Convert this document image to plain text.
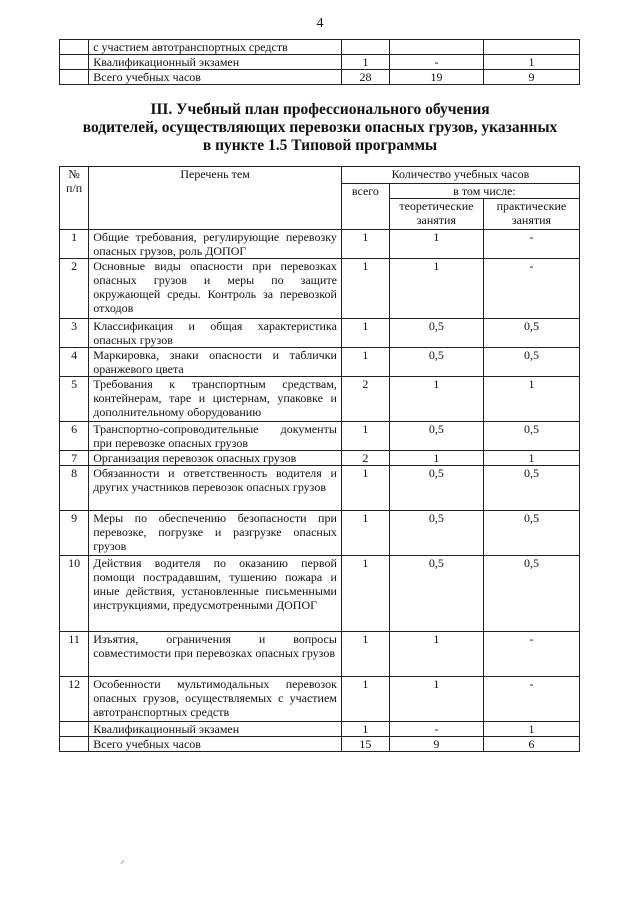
4
	с участием автотранспортных средств			
	Квалификационный экзамен	1	-	1
	Всего учебных часов	28	19	9
III. Учебный план профессионального обучения
водителей, осуществляющих перевозки опасных грузов, указанных
в пункте 1.5 Типовой программы
№
п/п	Перечень тем	Количество учебных часов		
		всего	в том числе:	
			теоретические занятия	практические занятия
1	Общие требования, регулирующие перевозку опасных грузов, роль ДОПОГ	1	1	-
2	Основные виды опасности при перевозках опасных грузов и меры по защите окружающей среды. Контроль за перевозкой отходов	1	1	-
3	Классификация и общая характеристика опасных грузов	1	0,5	0,5
4	Маркировка, знаки опасности и таблички оранжевого цвета	1	0,5	0,5
5	Требования к транспортным средствам, контейнерам, таре и цистернам, упаковке и дополнительному оборудованию	2	1	1
6	Транспортно-сопроводительные документы при перевозке опасных грузов	1	0,5	0,5
7	Организация перевозок опасных грузов	2	1	1
8	Обязанности и ответственность водителя и других участников перевозок опасных грузов	1	0,5	0,5
9	Меры по обеспечению безопасности при перевозке, погрузке и разгрузке опасных грузов	1	0,5	0,5
10	Действия водителя по оказанию первой помощи пострадавшим, тушению пожара и иные действия, установленные письменными инструкциями, предусмотренными ДОПОГ	1	0,5	0,5
11	Изъятия, ограничения и вопросы совместимости при перевозках опасных грузов	1	1	-
12	Особенности мультимодальных перевозок опасных грузов, осуществляемых с участием автотранспортных средств	1	1	-
	Квалификационный экзамен	1	-	1
	Всего учебных часов	15	9	6
⸝
